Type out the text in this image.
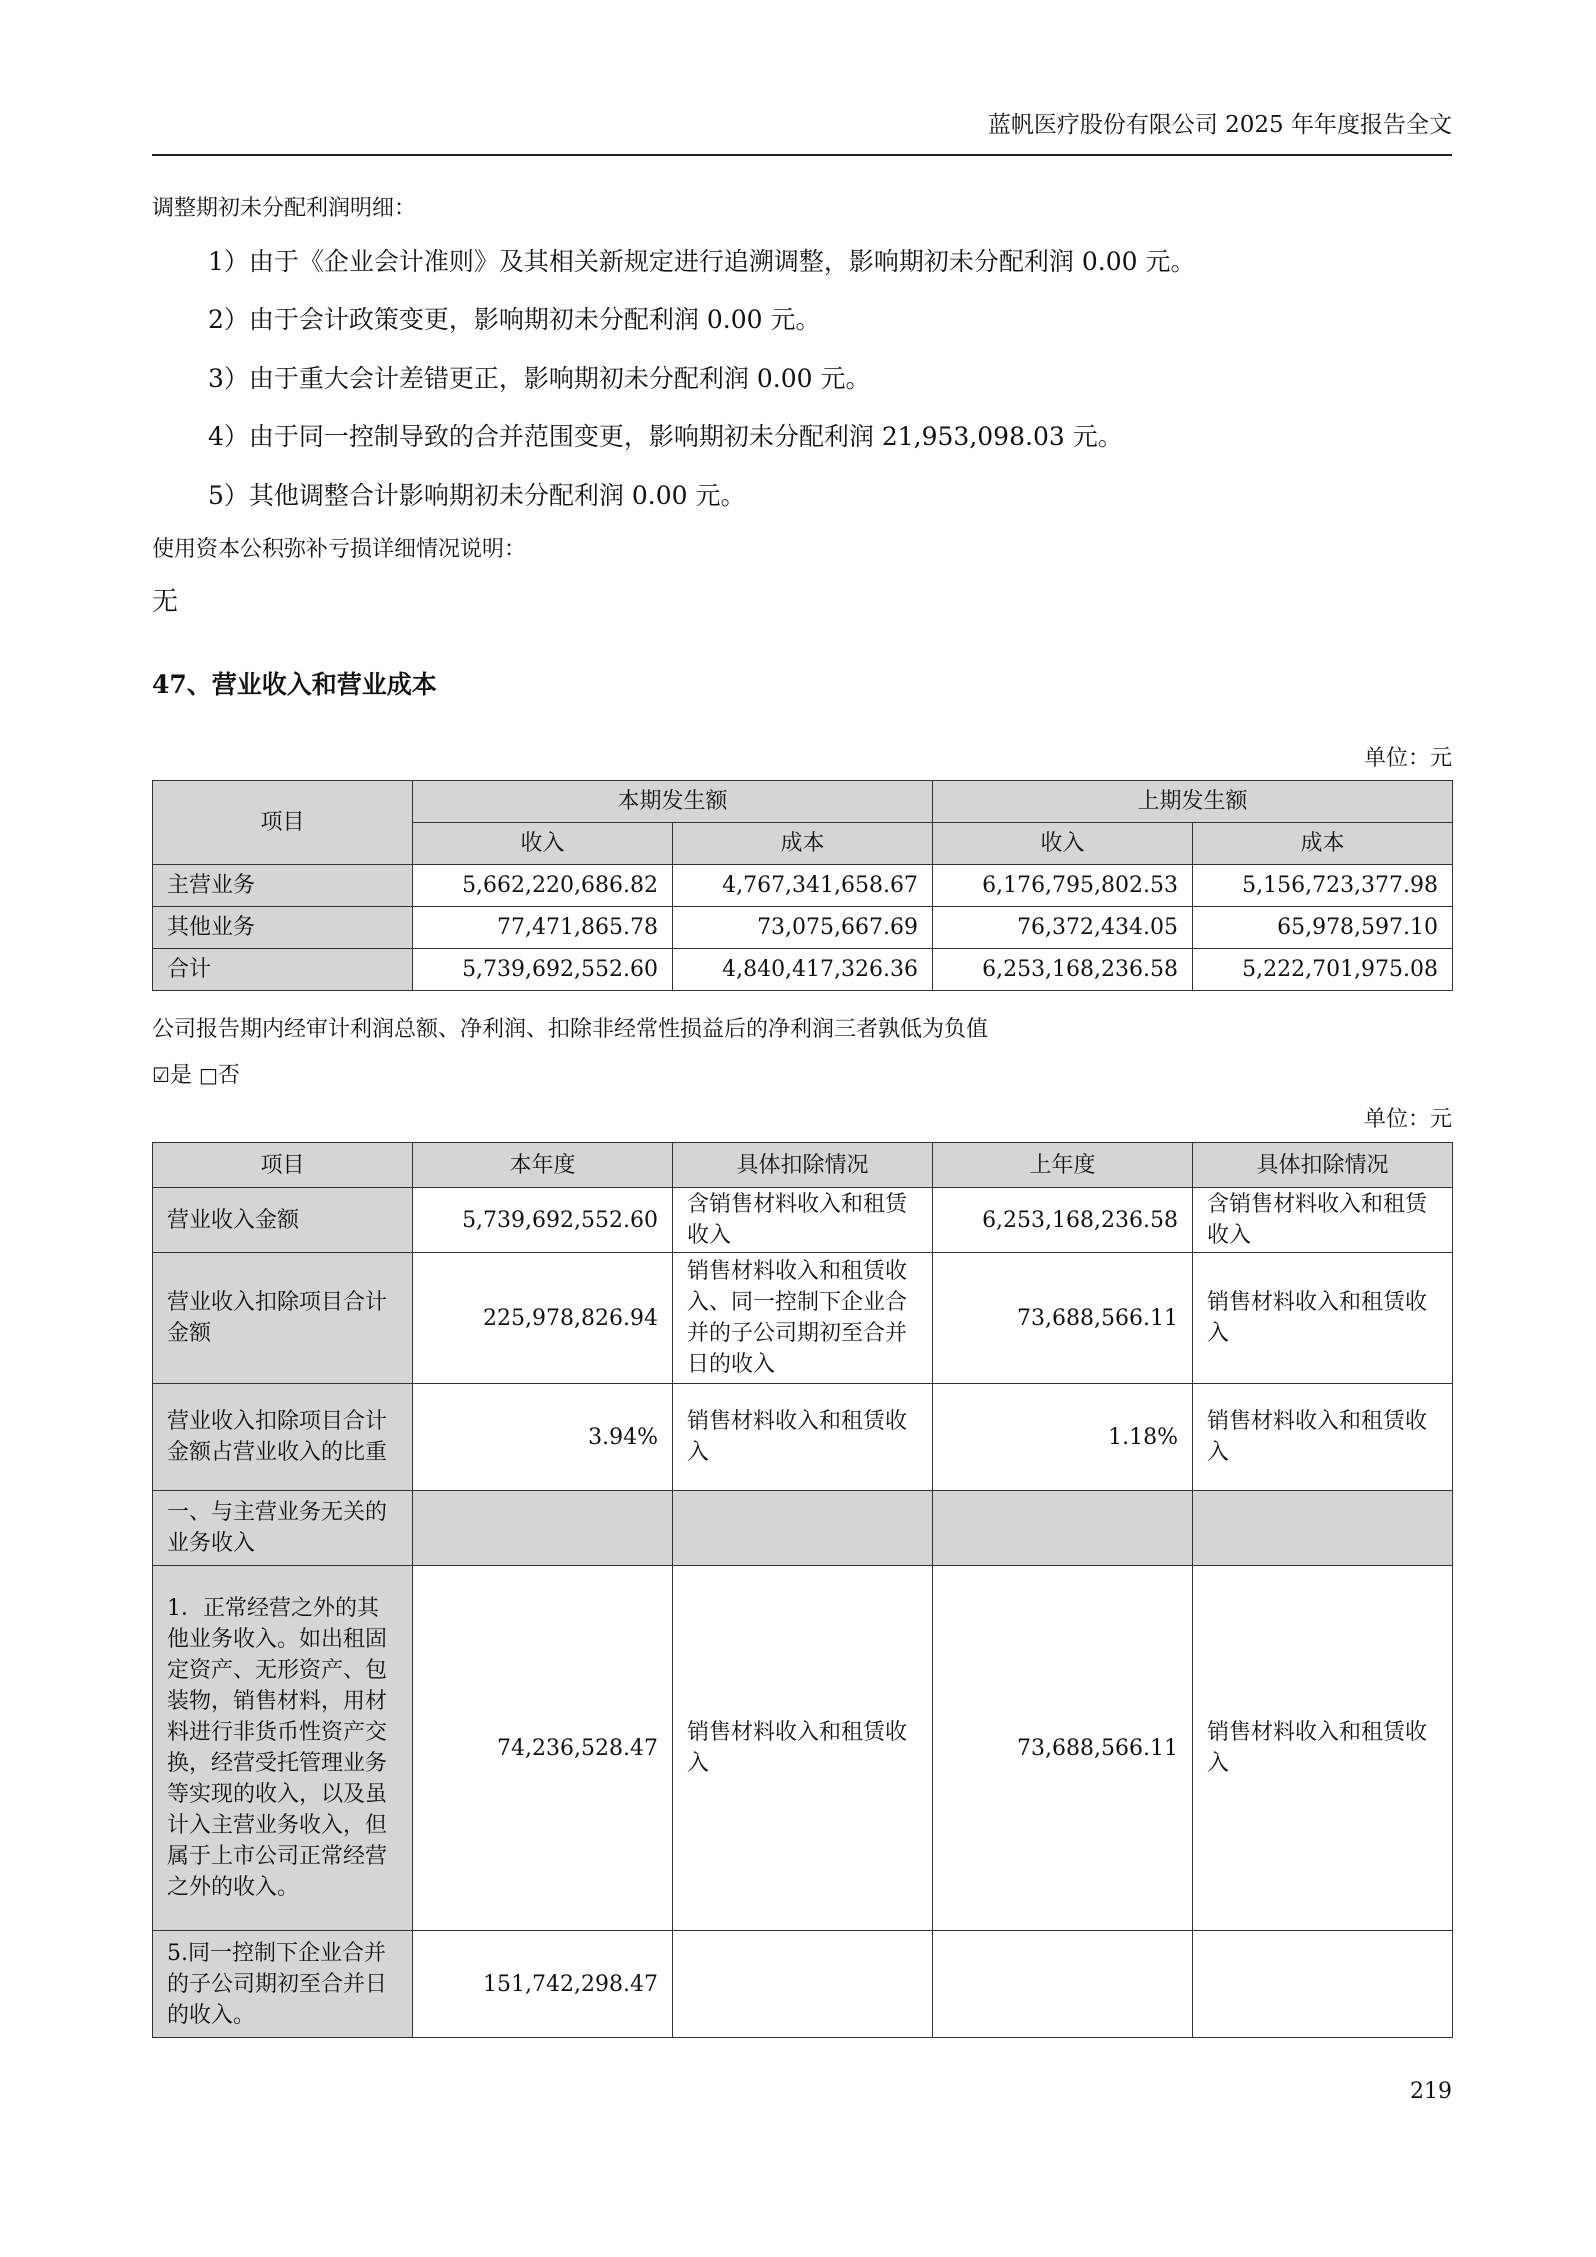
蓝帆医疗股份有限公司 2025 年年度报告全文
调整期初未分配利润明细：
1）由于《企业会计准则》及其相关新规定进行追溯调整，影响期初未分配利润 0.00 元。
2）由于会计政策变更，影响期初未分配利润 0.00 元。
3）由于重大会计差错更正，影响期初未分配利润 0.00 元。
4）由于同一控制导致的合并范围变更，影响期初未分配利润 21,953,098.03 元。
5）其他调整合计影响期初未分配利润 0.00 元。
使用资本公积弥补亏损详细情况说明：
无
47、营业收入和营业成本
单位：元
项目	本期发生额		上期发生额	
	收入	成本	收入	成本
主营业务	5,662,220,686.82	4,767,341,658.67	6,176,795,802.53	5,156,723,377.98
其他业务	77,471,865.78	73,075,667.69	76,372,434.05	65,978,597.10
合计	5,739,692,552.60	4,840,417,326.36	6,253,168,236.58	5,222,701,975.08
公司报告期内经审计利润总额、净利润、扣除非经常性损益后的净利润三者孰低为负值
☑是 □否
单位：元
项目	本年度	具体扣除情况	上年度	具体扣除情况
营业收入金额	5,739,692,552.60	含销售材料收入和租赁收入	6,253,168,236.58	含销售材料收入和租赁收入
营业收入扣除项目合计金额	225,978,826.94	销售材料收入和租赁收入、同一控制下企业合并的子公司期初至合并日的收入	73,688,566.11	销售材料收入和租赁收入
营业收入扣除项目合计金额占营业收入的比重	3.94%	销售材料收入和租赁收入	1.18%	销售材料收入和租赁收入
一、与主营业务无关的业务收入				
1．正常经营之外的其他业务收入。如出租固定资产、无形资产、包装物，销售材料，用材料进行非货币性资产交换，经营受托管理业务等实现的收入，以及虽计入主营业务收入，但属于上市公司正常经营之外的收入。	74,236,528.47	销售材料收入和租赁收入	73,688,566.11	销售材料收入和租赁收入
5.同一控制下企业合并的子公司期初至合并日的收入。	151,742,298.47			
219
